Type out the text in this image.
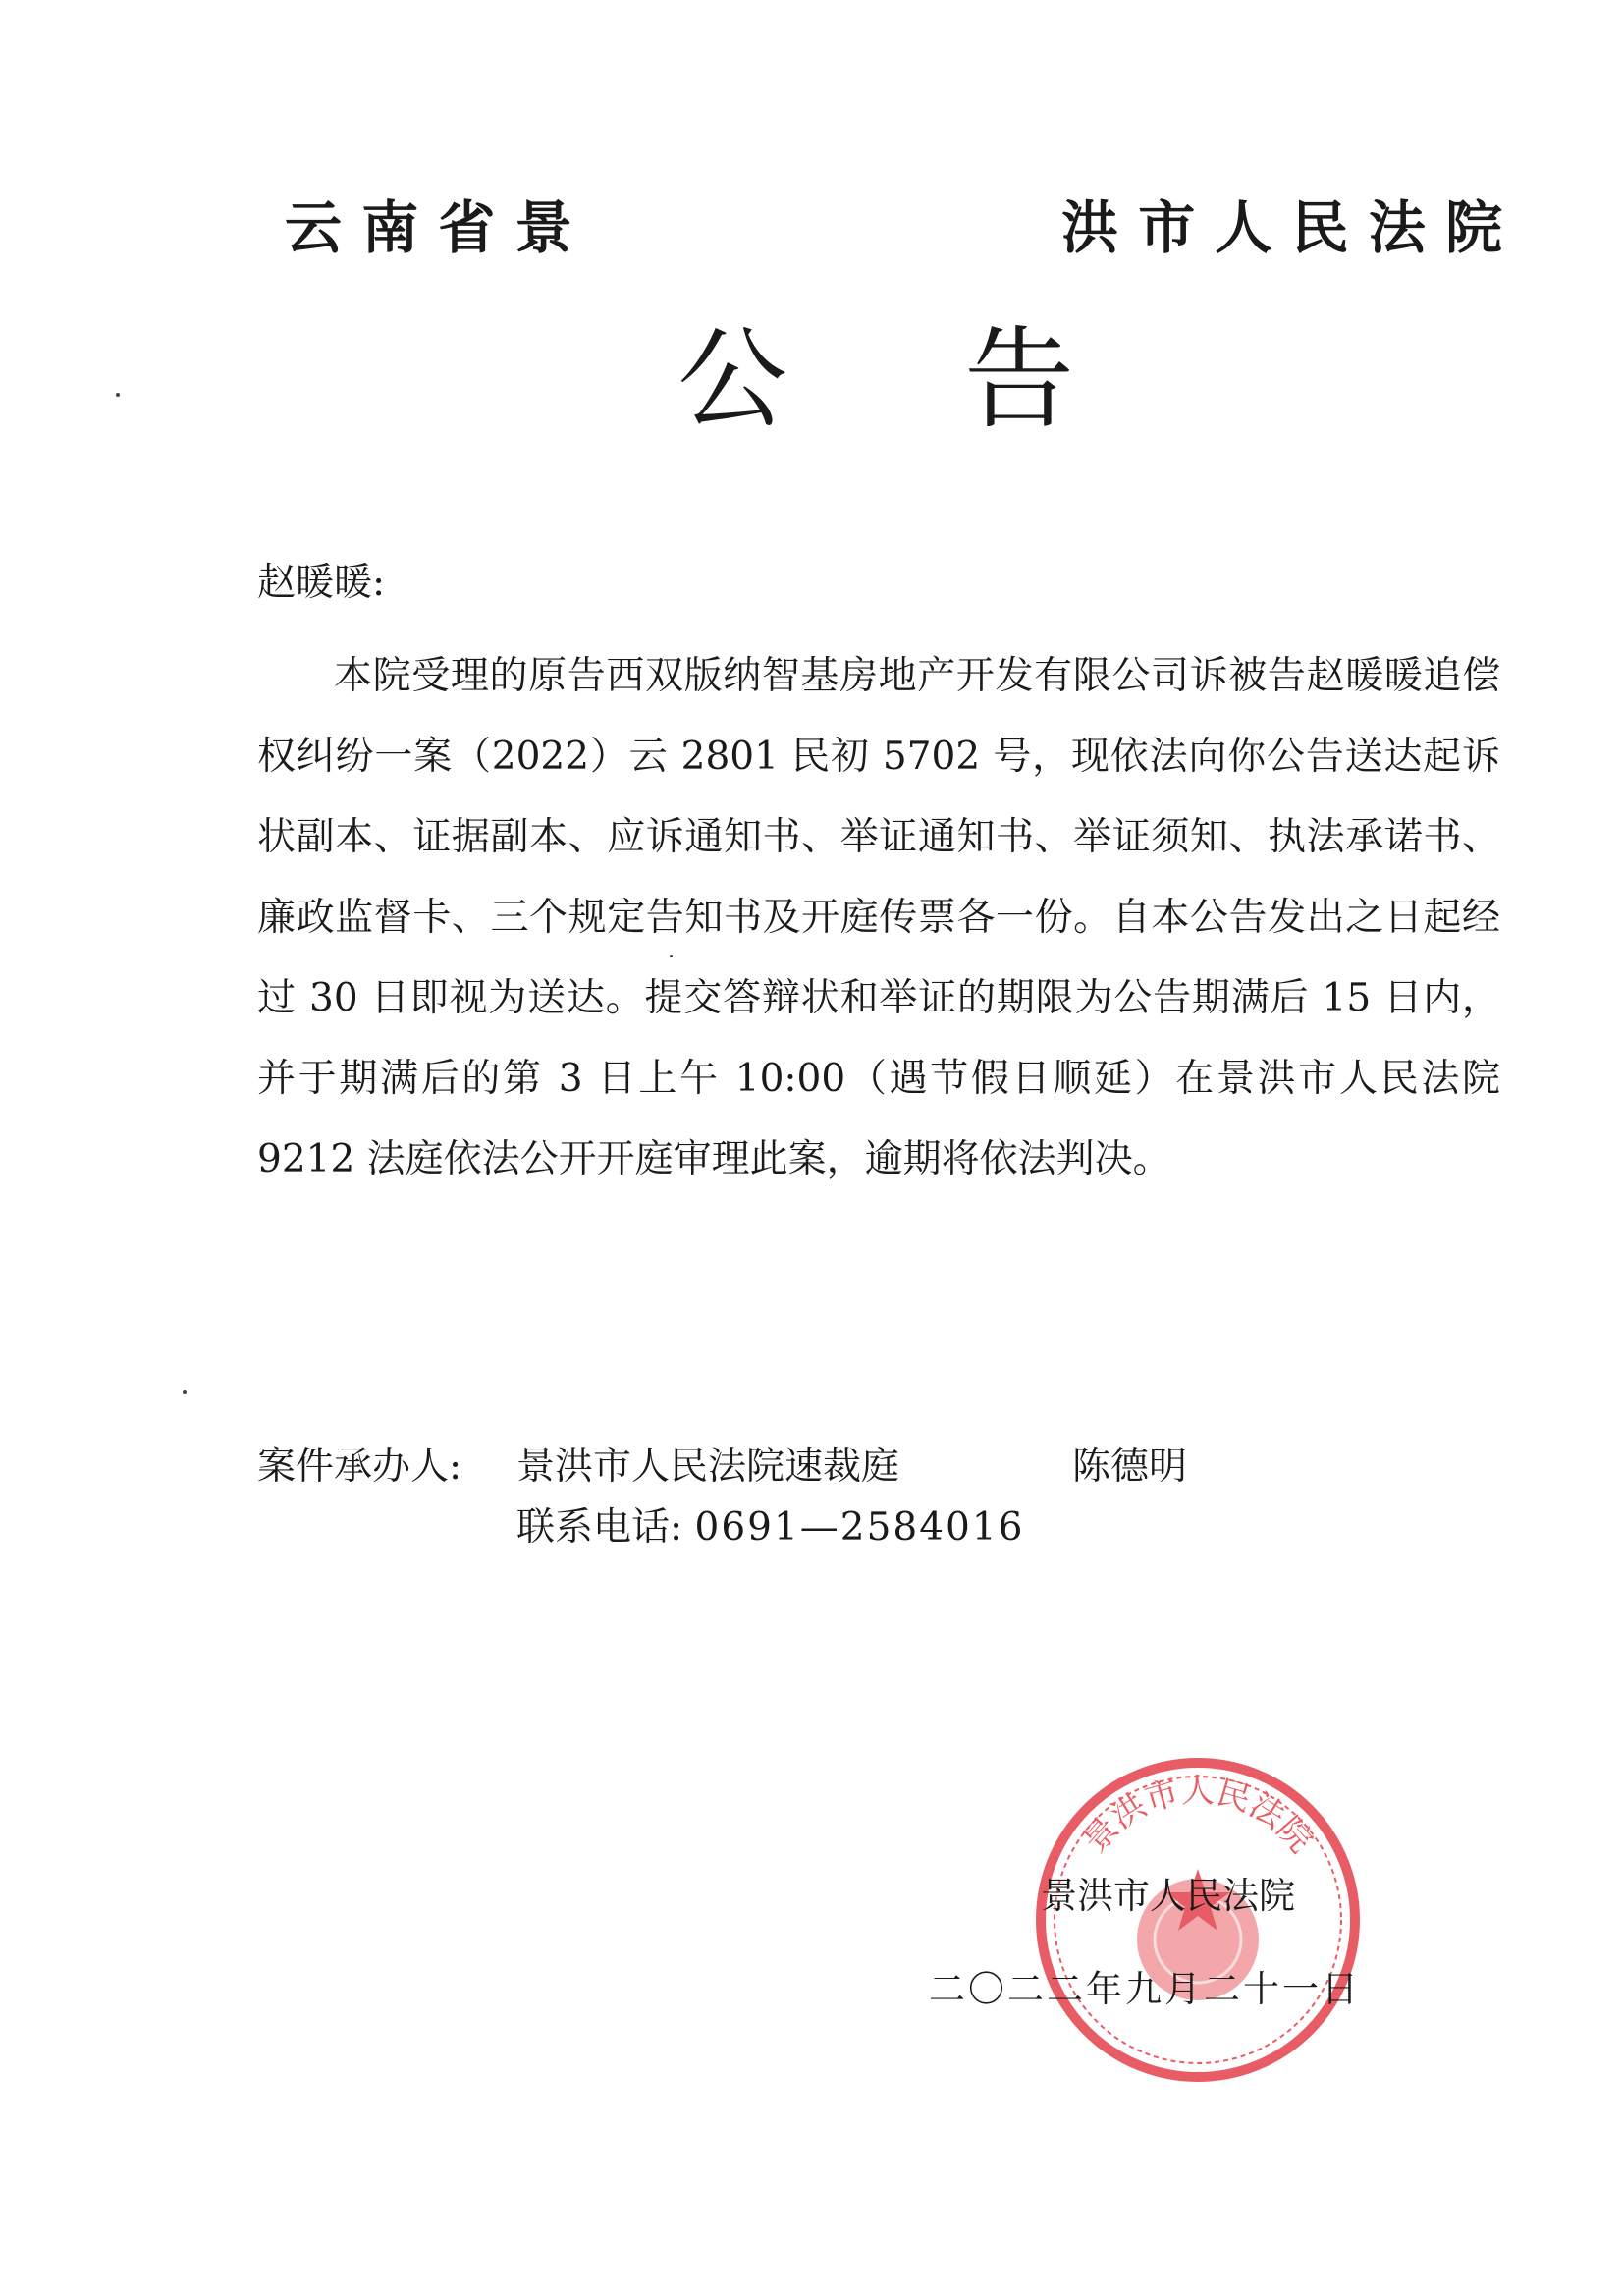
云 南 省 景	洪 市 人 民 法 院
公告
赵暖暖:
本院受理的原告西双版纳智基房地产开发有限公司诉被告赵暖暖追偿权纠纷一案（2022）云 2801 民初 5702 号，现依法向你公告送达起诉状副本、证据副本、应诉通知书、举证通知书、举证须知、执法承诺书、廉政监督卡、三个规定告知书及开庭传票各一份。自本公告发出之日起经过 30 日即视为送达。提交答辩状和举证的期限为公告期满后 15 日内，并于期满后的第 3 日上午 10:00（遇节假日顺延）在景洪市人民法院 9212 法庭依法公开开庭审理此案，逾期将依法判决。
案件承办人: 景洪市人民法院速裁庭	陈德明
联系电话: 0691—2584016
景洪市人民法院
景洪市人民法院
二〇二二年九月二十一日
